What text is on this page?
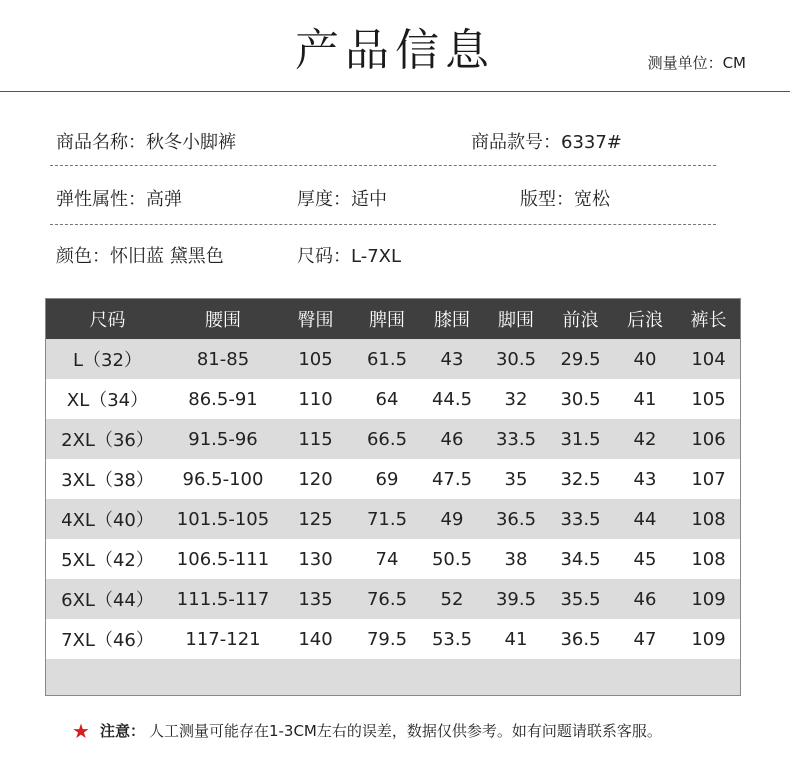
产品信息	测量单位：CM
商品名称：秋冬小脚裤	商品款号：6337#
弹性属性：高弹	厚度：适中	版型：宽松
颜色：怀旧蓝 黛黑色	尺码：L-7XL
尺码	腰围	臀围	脾围	膝围	脚围	前浪	后浪	裤长
L（32）	81-85	105	61.5	43	30.5	29.5	40	104
XL（34）	86.5-91	110	64	44.5	32	30.5	41	105
2XL（36）	91.5-96	115	66.5	46	33.5	31.5	42	106
3XL（38）	96.5-100	120	69	47.5	35	32.5	43	107
4XL（40）	101.5-105	125	71.5	49	36.5	33.5	44	108
5XL（42）	106.5-111	130	74	50.5	38	34.5	45	108
6XL（44）	111.5-117	135	76.5	52	39.5	35.5	46	109
7XL（46）	117-121	140	79.5	53.5	41	36.5	47	109
★ 注意： 人工测量可能存在1-3CM左右的误差，数据仅供参考。如有问题请联系客服。
